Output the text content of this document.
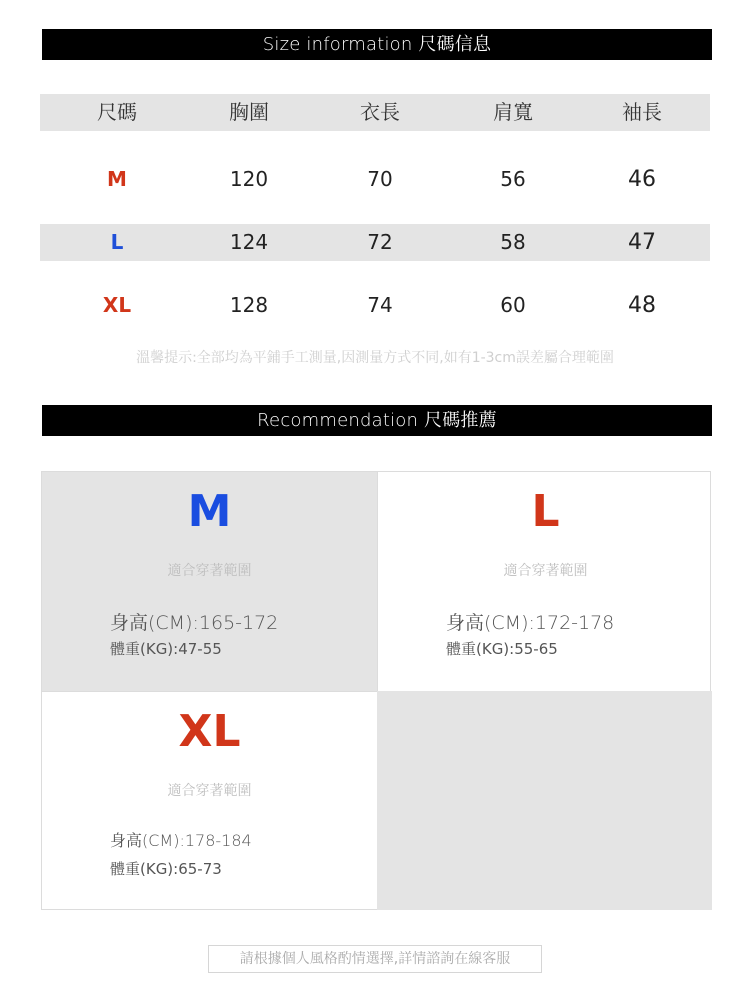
Size information 尺碼信息
尺碼	胸圍	衣長	肩寬	袖長
M	120	70	56	46
L	124	72	58	47
XL	128	74	60	48
溫馨提示:全部均為平鋪手工測量,因測量方式不同,如有1-3cm誤差屬合理範圍
Recommendation 尺碼推薦
M
適合穿著範圍
身高(CM):165-172
體重(KG):47-55
L
適合穿著範圍
身高(CM):172-178
體重(KG):55-65
XL
適合穿著範圍
身高(CM):178-184
體重(KG):65-73
請根據個人風格酌情選擇,詳情諮詢在線客服
